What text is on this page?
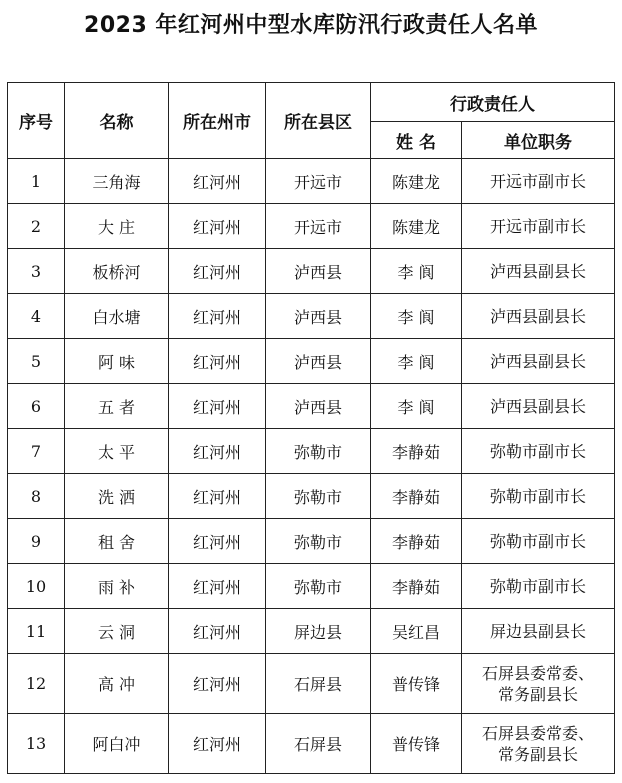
2023 年红河州中型水库防汛行政责任人名单
序号	名称	所在州市	所在县区	行政责任人	
				姓 名	单位职务
1	三角海	红河州	开远市	陈建龙	开远市副市长
2	大 庄	红河州	开远市	陈建龙	开远市副市长
3	板桥河	红河州	泸西县	李 阆	泸西县副县长
4	白水塘	红河州	泸西县	李 阆	泸西县副县长
5	阿 味	红河州	泸西县	李 阆	泸西县副县长
6	五 者	红河州	泸西县	李 阆	泸西县副县长
7	太 平	红河州	弥勒市	李静茹	弥勒市副市长
8	洗 洒	红河州	弥勒市	李静茹	弥勒市副市长
9	租 舍	红河州	弥勒市	李静茹	弥勒市副市长
10	雨 补	红河州	弥勒市	李静茹	弥勒市副市长
11	云 洞	红河州	屏边县	吴红昌	屏边县副县长
12	高 冲	红河州	石屏县	普传锋	石屏县委常委、
常务副县长
13	阿白冲	红河州	石屏县	普传锋	石屏县委常委、
常务副县长
